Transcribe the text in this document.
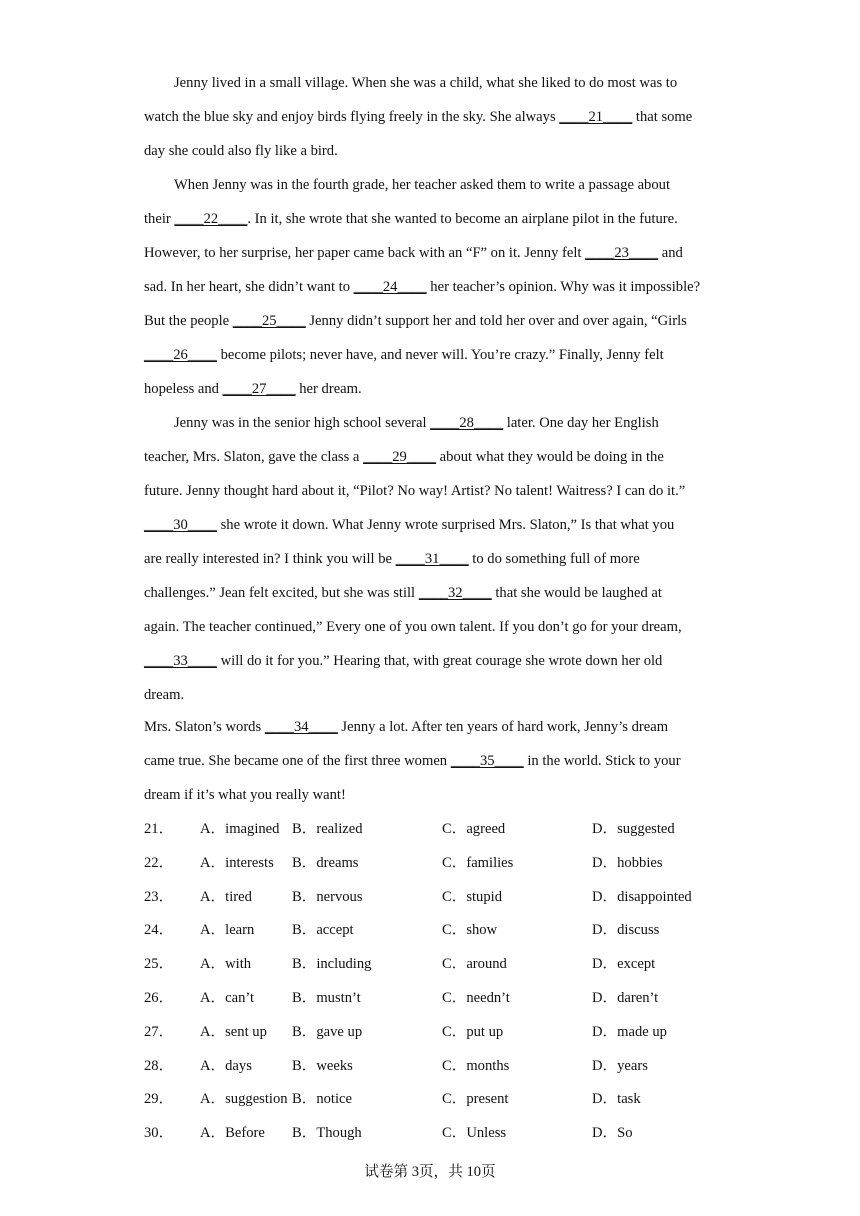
Jenny lived in a small village. When she was a child, what she liked to do most was to
watch the blue sky and enjoy birds flying freely in the sky. She always ____21____ that some
day she could also fly like a bird.
When Jenny was in the fourth grade, her teacher asked them to write a passage about
their ____22____. In it, she wrote that she wanted to become an airplane pilot in the future.
However, to her surprise, her paper came back with an “F” on it. Jenny felt ____23____ and
sad. In her heart, she didn’t want to ____24____ her teacher’s opinion. Why was it impossible?
But the people ____25____ Jenny didn’t support her and told her over and over again, “Girls
____26____ become pilots; never have, and never will. You’re crazy.” Finally, Jenny felt
hopeless and ____27____ her dream.
Jenny was in the senior high school several ____28____ later. One day her English
teacher, Mrs. Slaton, gave the class a ____29____ about what they would be doing in the
future. Jenny thought hard about it, “Pilot? No way! Artist? No talent! Waitress? I can do it.”
____30____ she wrote it down. What Jenny wrote surprised Mrs. Slaton,” Is that what you
are really interested in? I think you will be ____31____ to do something full of more
challenges.” Jean felt excited, but she was still ____32____ that she would be laughed at
again. The teacher continued,” Every one of you own talent. If you don’t go for your dream,
____33____ will do it for you.” Hearing that, with great courage she wrote down her old
dream.
Mrs. Slaton’s words ____34____ Jenny a lot. After ten years of hard work, Jenny’s dream
came true. She became one of the first three women ____35____ in the world. Stick to your
dream if it’s what you really want!
21． A．imagined B．realized	C．agreed	D．suggested
22． A．interests B．dreams	C．families	D．hobbies
23． A．tired	B．nervous	C．stupid	D．disappointed
24． A．learn	B．accept	C．show	D．discuss
25． A．with	B．including	C．around	D．except
26． A．can’t	B．mustn’t	C．needn’t	D．daren’t
27． A．sent up B．gave up	C．put up	D．made up
28． A．days	B．weeks	C．months	D．years
29． A．suggestion B．notice	C．present	D．task
30． A．Before B．Though	C．Unless	D．So
试卷第 3页，共 10页
